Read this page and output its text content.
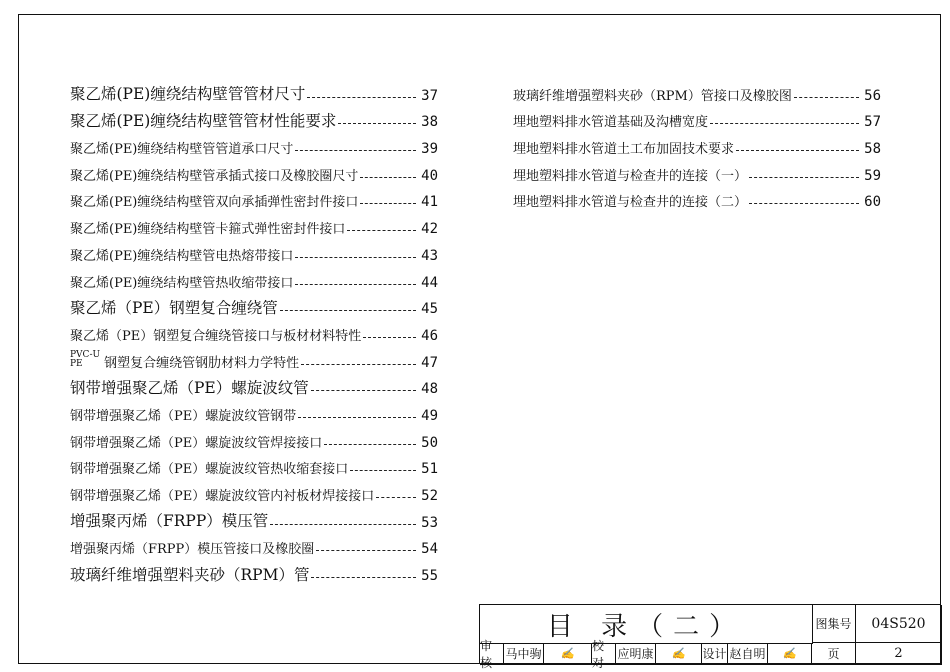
聚乙烯(PE)缠绕结构壁管管材尺寸	37
聚乙烯(PE)缠绕结构壁管管材性能要求	38
聚乙烯(PE)缠绕结构壁管管道承口尺寸	39
聚乙烯(PE)缠绕结构壁管承插式接口及橡胶圈尺寸	40
聚乙烯(PE)缠绕结构壁管双向承插弹性密封件接口	41
聚乙烯(PE)缠绕结构壁管卡箍式弹性密封件接口	42
聚乙烯(PE)缠绕结构壁管电热熔带接口	43
聚乙烯(PE)缠绕结构壁管热收缩带接口	44
聚乙烯（PE）钢塑复合缠绕管	45
聚乙烯（PE）钢塑复合缠绕管接口与板材材料特性	46
PVC-U
PE	钢塑复合缠绕管钢肋材料力学特性	47
钢带增强聚乙烯（PE）螺旋波纹管	48
钢带增强聚乙烯（PE）螺旋波纹管钢带	49
钢带增强聚乙烯（PE）螺旋波纹管焊接接口	50
钢带增强聚乙烯（PE）螺旋波纹管热收缩套接口	51
钢带增强聚乙烯（PE）螺旋波纹管内衬板材焊接接口	52
增强聚丙烯（FRPP）模压管	53
增强聚丙烯（FRPP）模压管接口及橡胶圈	54
玻璃纤维增强塑料夹砂（RPM）管	55
玻璃纤维增强塑料夹砂（RPM）管接口及橡胶图	56
埋地塑料排水管道基础及沟槽宽度	57
埋地塑料排水管道土工布加固技术要求	58
埋地塑料排水管道与检查井的连接（一）	59
埋地塑料排水管道与检查井的连接（二）	60
目 录（二）	图集号	04S520
审核
马中驹	✍
校对
应明康	✍	设计 赵自明	✍	页	2
